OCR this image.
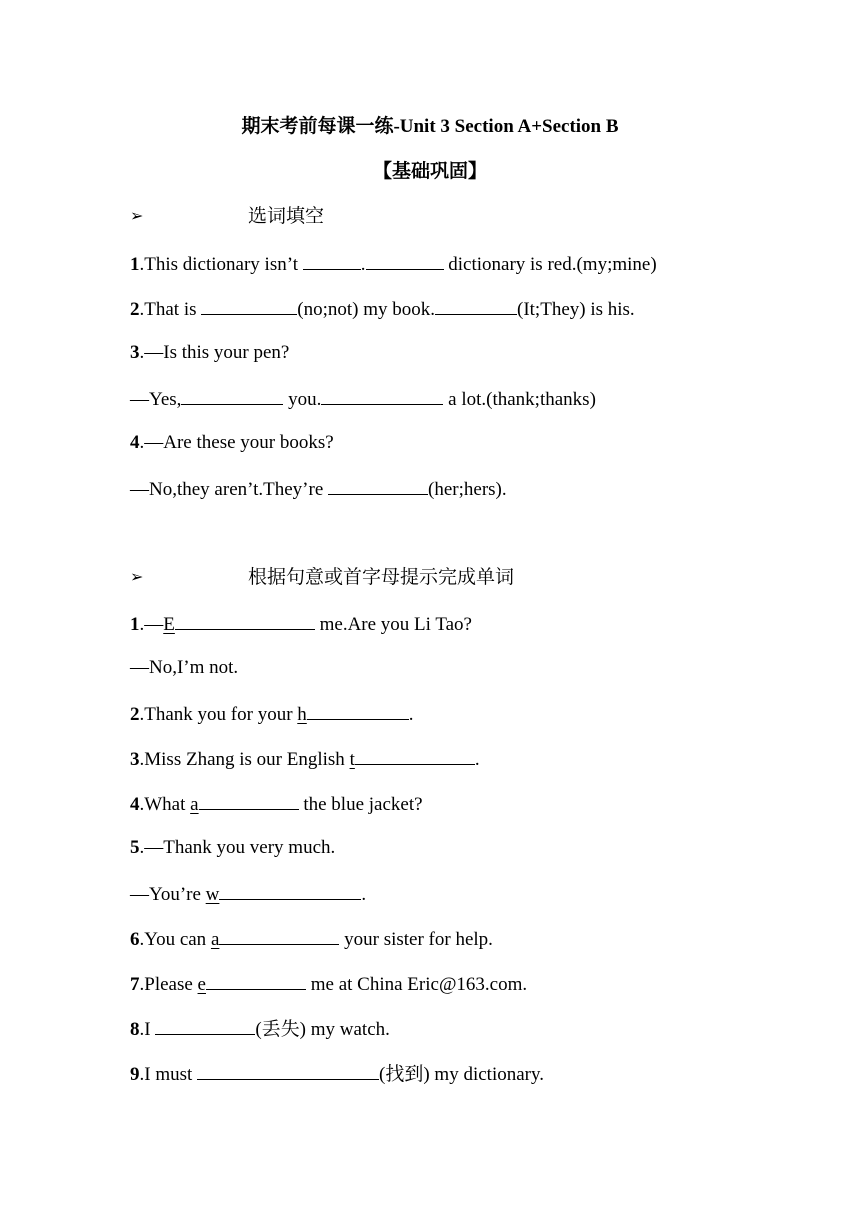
期末考前每课一练-Unit 3 Section A+Section B
【基础巩固】
➢	选词填空
1.This dictionary isn’t	.	dictionary is red.(my;mine)
2.That is	(no;not) my book.	(It;They) is his.
3.—Is this your pen?
—Yes,	you.	a lot.(thank;thanks)
4.—Are these your books?
—No,they aren’t.They’re	(her;hers).
➢	根据句意或首字母提示完成单词
1.—E	me.Are you Li Tao?
—No,I’m not.
2.Thank you for your h	.
3.Miss Zhang is our English t	.
4.What a	the blue jacket?
5.—Thank you very much.
—You’re w	.
6.You can a	your sister for help.
7.Please e	me at China Eric@163.com.
8.I	(丢失) my watch.
9.I must	(找到) my dictionary.
